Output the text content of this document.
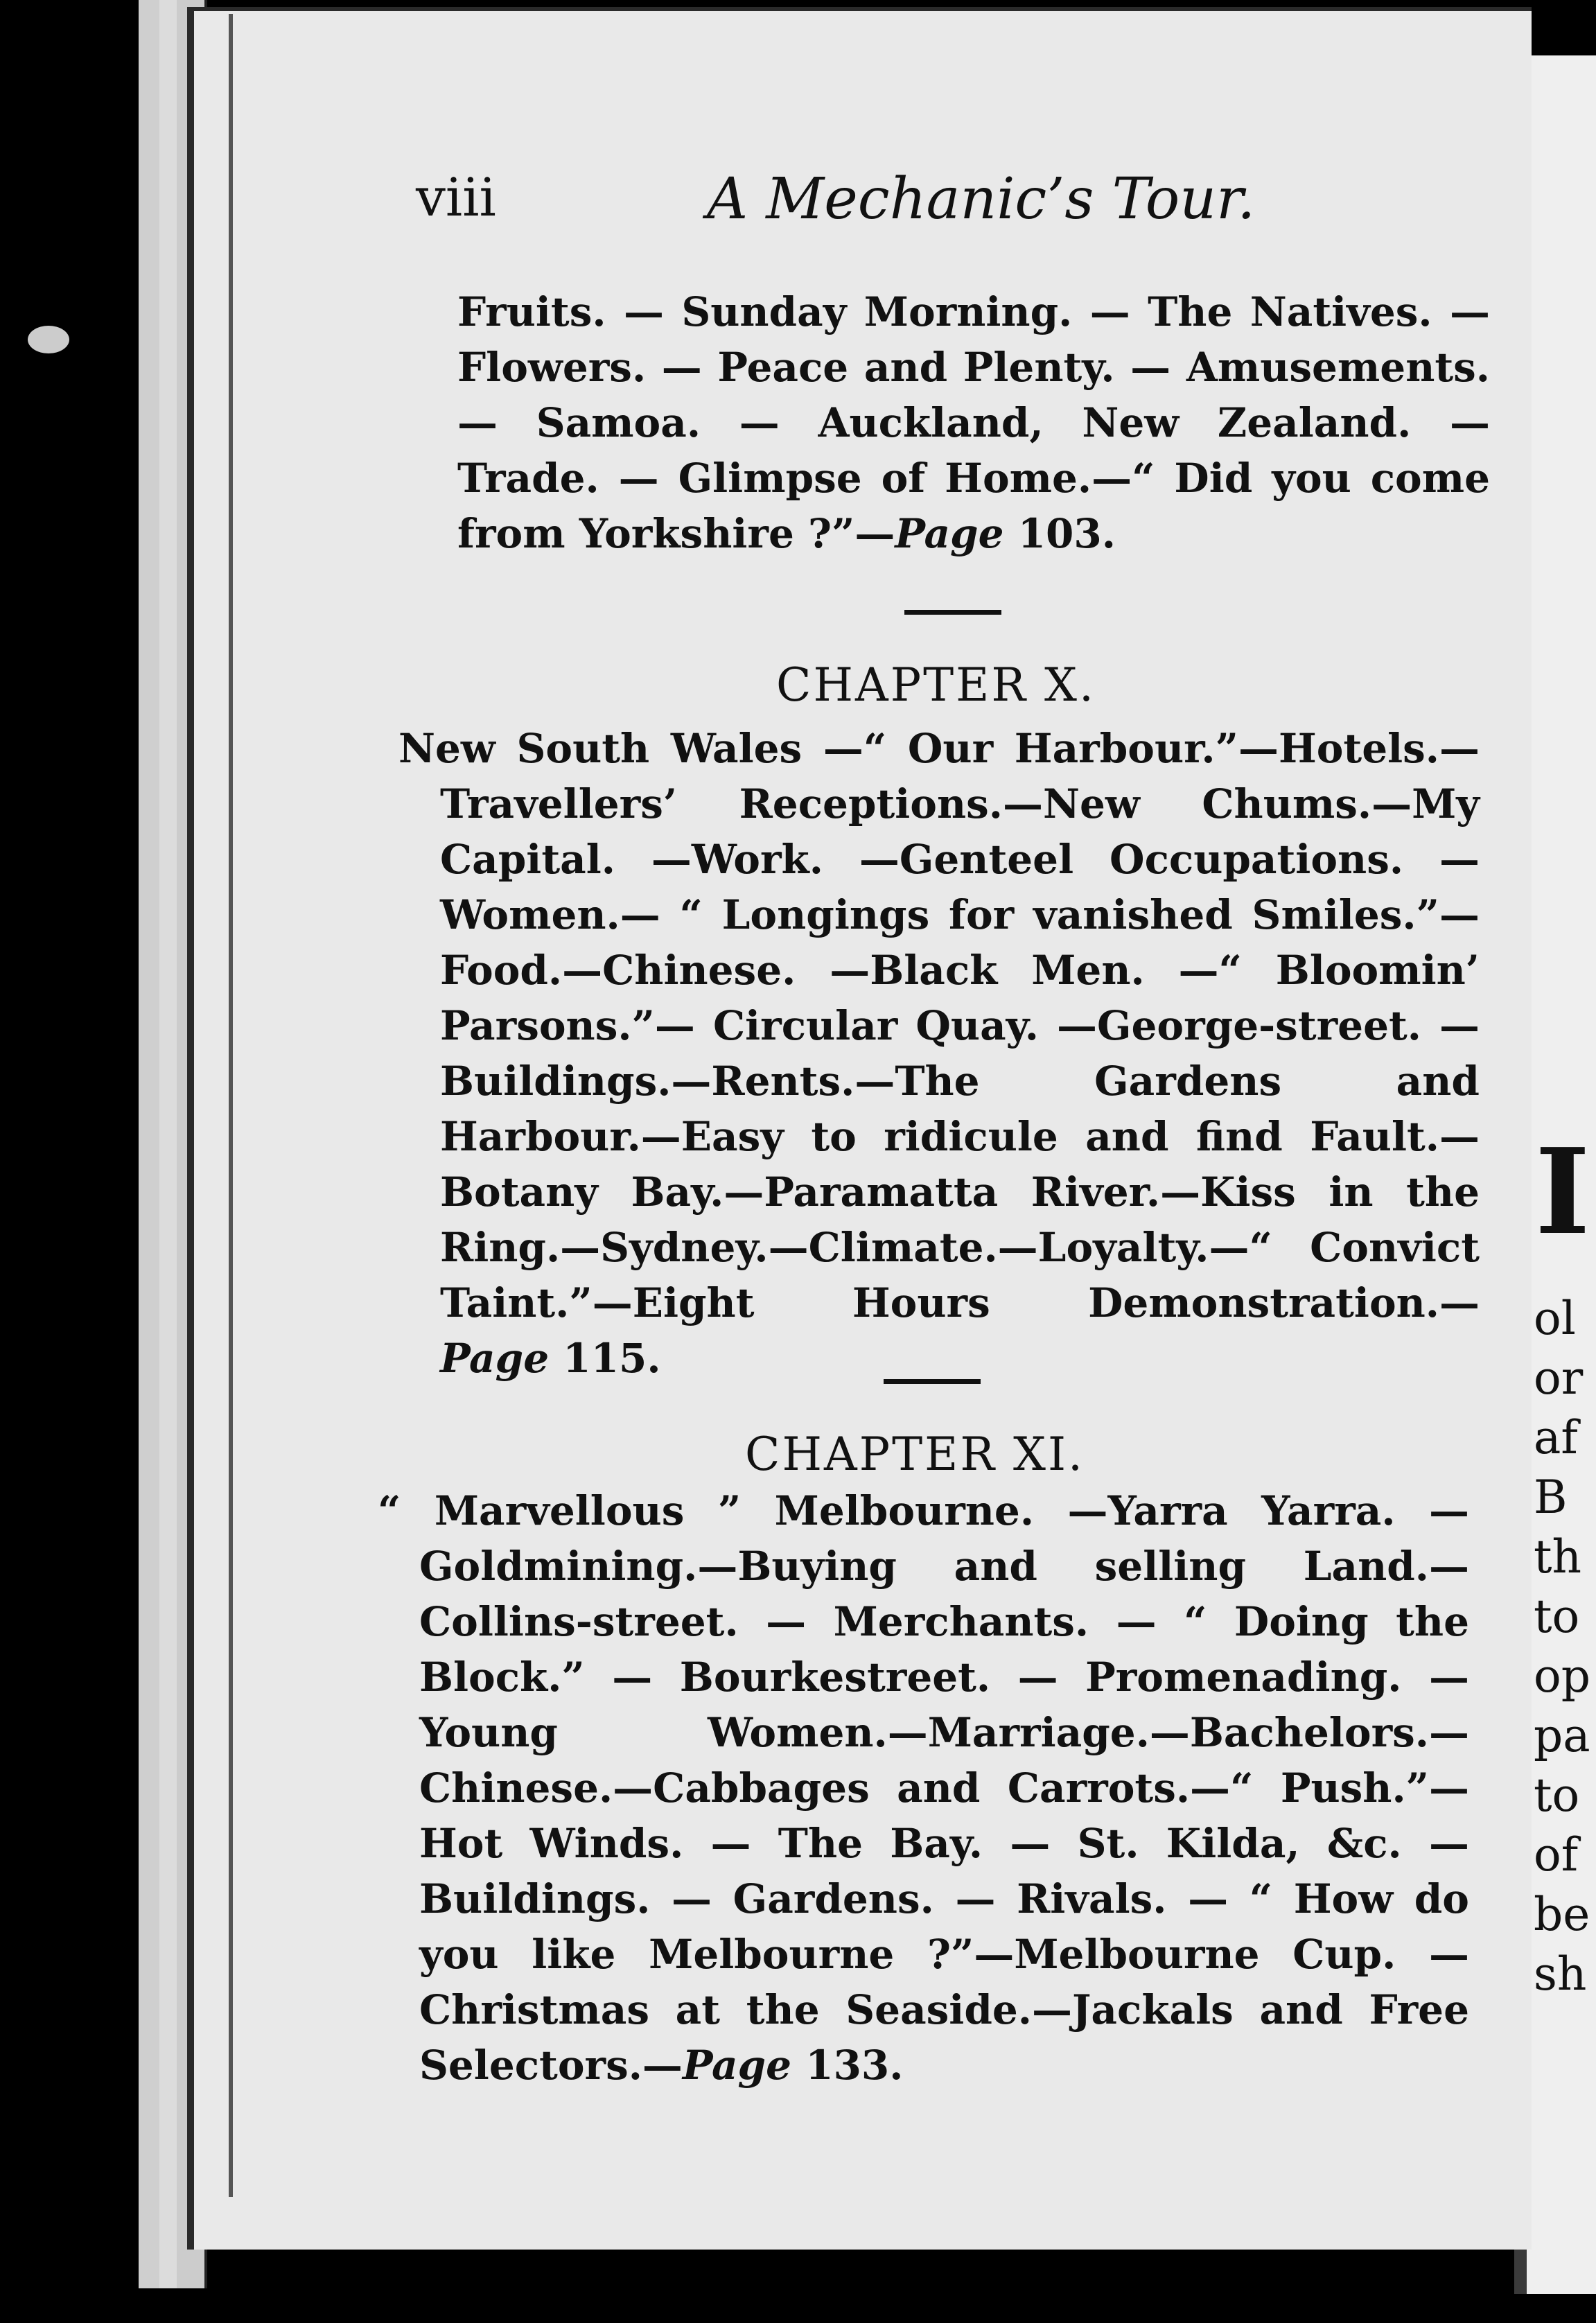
I
ol
or
af
B
th
to
op
pa
to
of
be
sh
viii	A Mechanic’s Tour.

Fruits. — Sunday Morning. — The Natives. — Flowers. — Peace and Plenty. — Amusements. — Samoa. — Auckland, New Zealand. — Trade. — Glimpse of Home.—“ Did you come from Yorkshire ?”—Page 103.

CHAPTER X.

New South Wales —“ Our Harbour.”—Hotels.— Travellers’ Receptions.—New Chums.—My Capital. —Work. —Genteel Occupations. —Women.— “ Longings for vanished Smiles.”— Food.—Chinese. —Black Men. —“ Bloomin’ Parsons.”— Circular Quay. —George-street. — Buildings.—Rents.—The Gardens and Harbour.—Easy to ridicule and find Fault.—Botany Bay.—Paramatta River.—Kiss in the Ring.—Sydney.—Climate.—Loyalty.—“ Convict Taint.”—Eight Hours Demonstration.—Page 115.

CHAPTER XI.

“ Marvellous ” Melbourne. —Yarra Yarra. —Goldmining.—Buying and selling Land.—Collins-street. — Merchants. — “ Doing the Block.” — Bourkestreet. — Promenading. — Young Women.—Marriage.—Bachelors.—Chinese.—Cabbages and Carrots.—“ Push.”—Hot Winds. — The Bay. — St. Kilda, &c. — Buildings. — Gardens. — Rivals. — “ How do you like Melbourne ?”—Melbourne Cup. —Christmas at the Seaside.—Jackals and Free Selectors.—Page 133.
